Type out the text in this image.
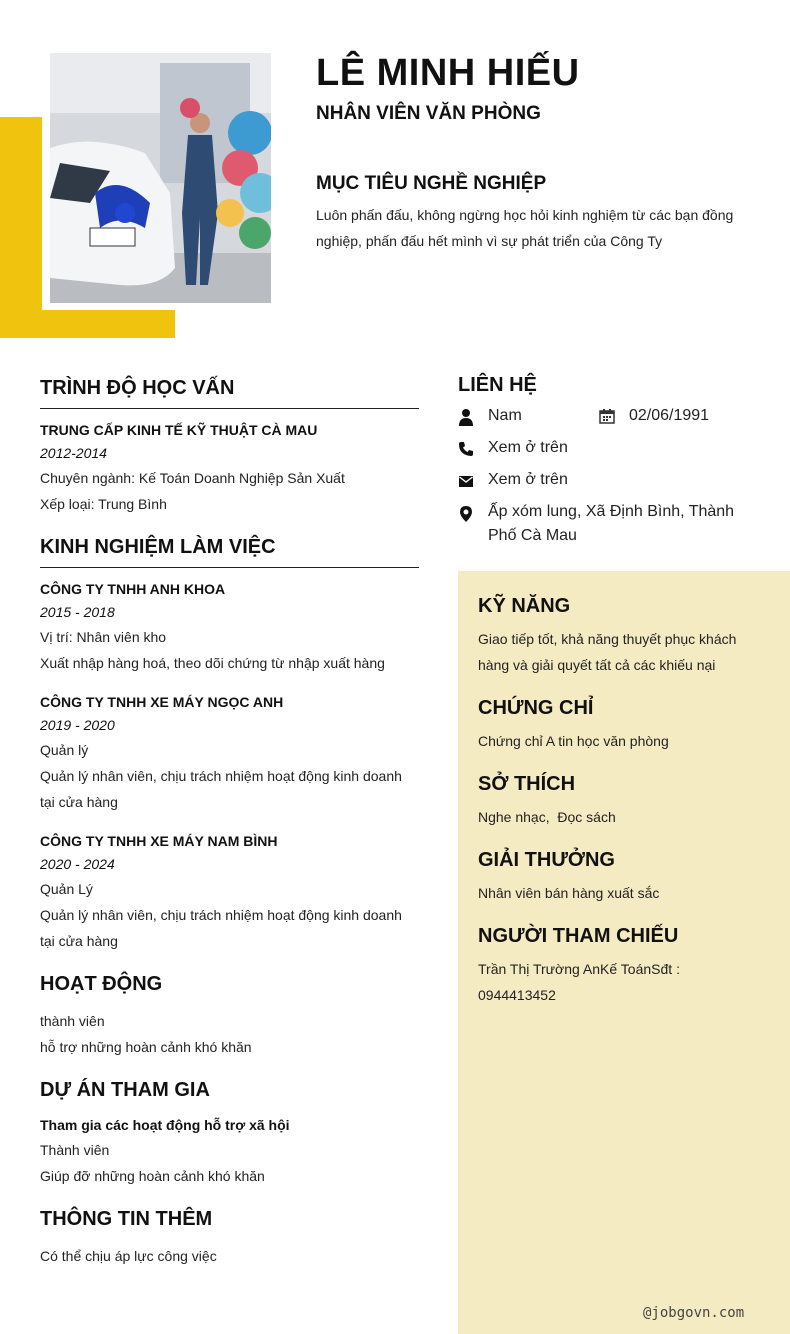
LÊ MINH HIẾU
NHÂN VIÊN VĂN PHÒNG
MỤC TIÊU NGHỀ NGHIỆP
Luôn phấn đấu, không ngừng học hỏi kinh nghiệm từ các bạn đồng nghiệp, phấn đấu hết mình vì sự phát triển của Công Ty
TRÌNH ĐỘ HỌC VẤN
TRUNG CẤP KINH TẾ KỸ THUẬT CÀ MAU
2012-2014
Chuyên ngành: Kế Toán Doanh Nghiệp Sản Xuất
Xếp loại: Trung Bình
KINH NGHIỆM LÀM VIỆC
CÔNG TY TNHH ANH KHOA
2015 - 2018
Vị trí: Nhân viên kho
Xuất nhập hàng hoá, theo dõi chứng từ nhập xuất hàng
CÔNG TY TNHH XE MÁY NGỌC ANH
2019 - 2020
Quản lý
Quản lý nhân viên, chịu trách nhiệm hoạt động kinh doanh tại cửa hàng
CÔNG TY TNHH XE MÁY NAM BÌNH
2020 - 2024
Quản Lý
Quản lý nhân viên, chịu trách nhiệm hoạt động kinh doanh tại cửa hàng
HOẠT ĐỘNG
thành viên
hỗ trợ những hoàn cảnh khó khăn
DỰ ÁN THAM GIA
Tham gia các hoạt động hỗ trợ xã hội
Thành viên
Giúp đỡ những hoàn cảnh khó khăn
THÔNG TIN THÊM
Có thể chịu áp lực công việc
LIÊN HỆ
Nam	02/06/1991
Xem ở trên
Xem ở trên
Ấp xóm lung, Xã Định Bình, Thành Phố Cà Mau
KỸ NĂNG
Giao tiếp tốt, khả năng thuyết phục khách hàng và giải quyết tất cả các khiếu nại
CHỨNG CHỈ
Chứng chỉ A tin học văn phòng
SỞ THÍCH
Nghe nhạc,  Đọc sách
GIẢI THƯỞNG
Nhân viên bán hàng xuất sắc
NGƯỜI THAM CHIẾU
Trần Thị Trường AnKế ToánSđt : 0944413452
@jobgovn.com
